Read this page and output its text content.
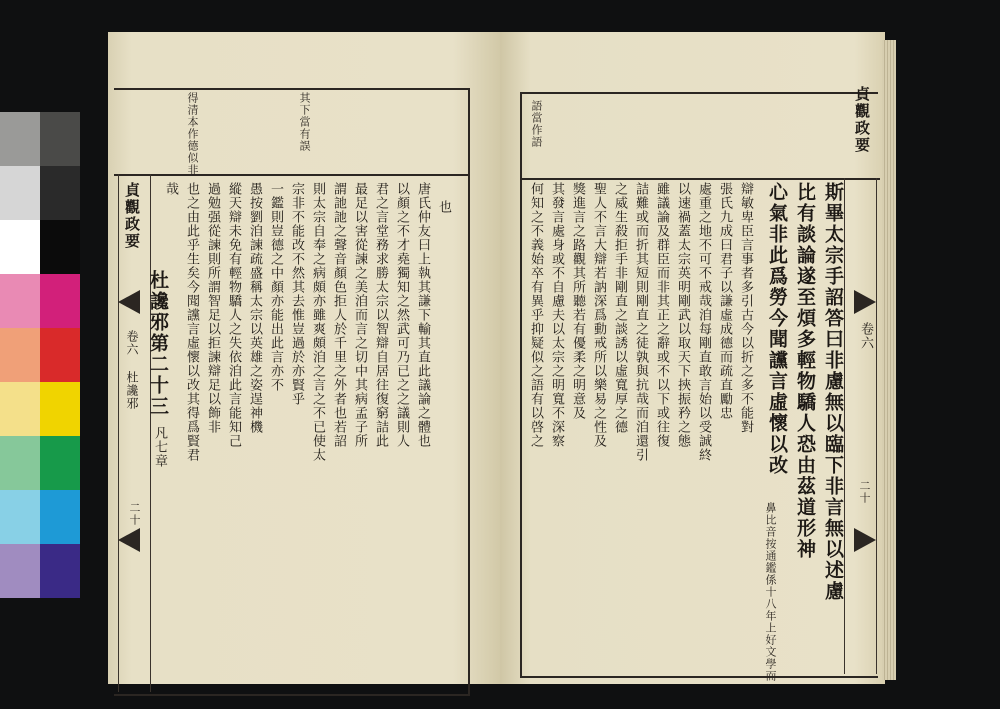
得清本作德似非	其下當有誤
貞觀政要
卷六 杜讒邪
二十
也
唐氏仲友曰上執其謙下輸其直此議論之體也
以顏之不才堯獨知之然武可乃已之之議則人
君之言堂務求勝太宗以智辯自居往復窮詰此
最足以害從諫之美洎而言之切中其病孟子所
謂訑訑之聲音顏色拒人於千里之外者也若詔
則太宗自奉之病頗亦雖爽頗洎之言之不已使太
宗非不能改不然其去惟豈過於亦賢乎
一鑑則豈德之中顏亦能出此言亦不
愚按劉洎諫疏盛稱太宗以英雄之姿逞神機
縱天辯未免有輕物驕人之失依洎此言能知己
過勉强從諫則所謂智足以拒諫辯足以飾非
也之由此乎生矣今聞讜言虛懷以改其得爲賢君
哉
杜讒邪第二十三
凡七章
語當作語	貞觀政要
卷六
二十
斯畢太宗手詔答曰非慮無以臨下非言無以述慮
比有談論遂至煩多輕物驕人恐由茲道形神
心氣非此爲勞今聞讜言虛懷以改
辯敏卑臣言事者多引古今以折之多不能對
張氏九成曰君子以謙虛成德而疏直勵忠
處重之地不可不戒哉洎每剛直敢言始以受誠終
以速禍蓋太宗英明剛武以取天下挾振矜之態
雖議論及群臣而非其正之辭或不以下或往復
詰難或而折其短則剛直之徒孰與抗哉而洎還引
之威生殺拒手非剛直之談誘以虛寬厚之德
聖人不言大辯若訥深爲動戒所以樂易之性及
獎進言之路觀其所聽若有優柔之明意及
其發言處身或不自慮夫以太宗之明寬不深察
何知之不義始卒有異乎抑疑似之語有以啓之
鼻比音按通鑑係十八年上好文學而
